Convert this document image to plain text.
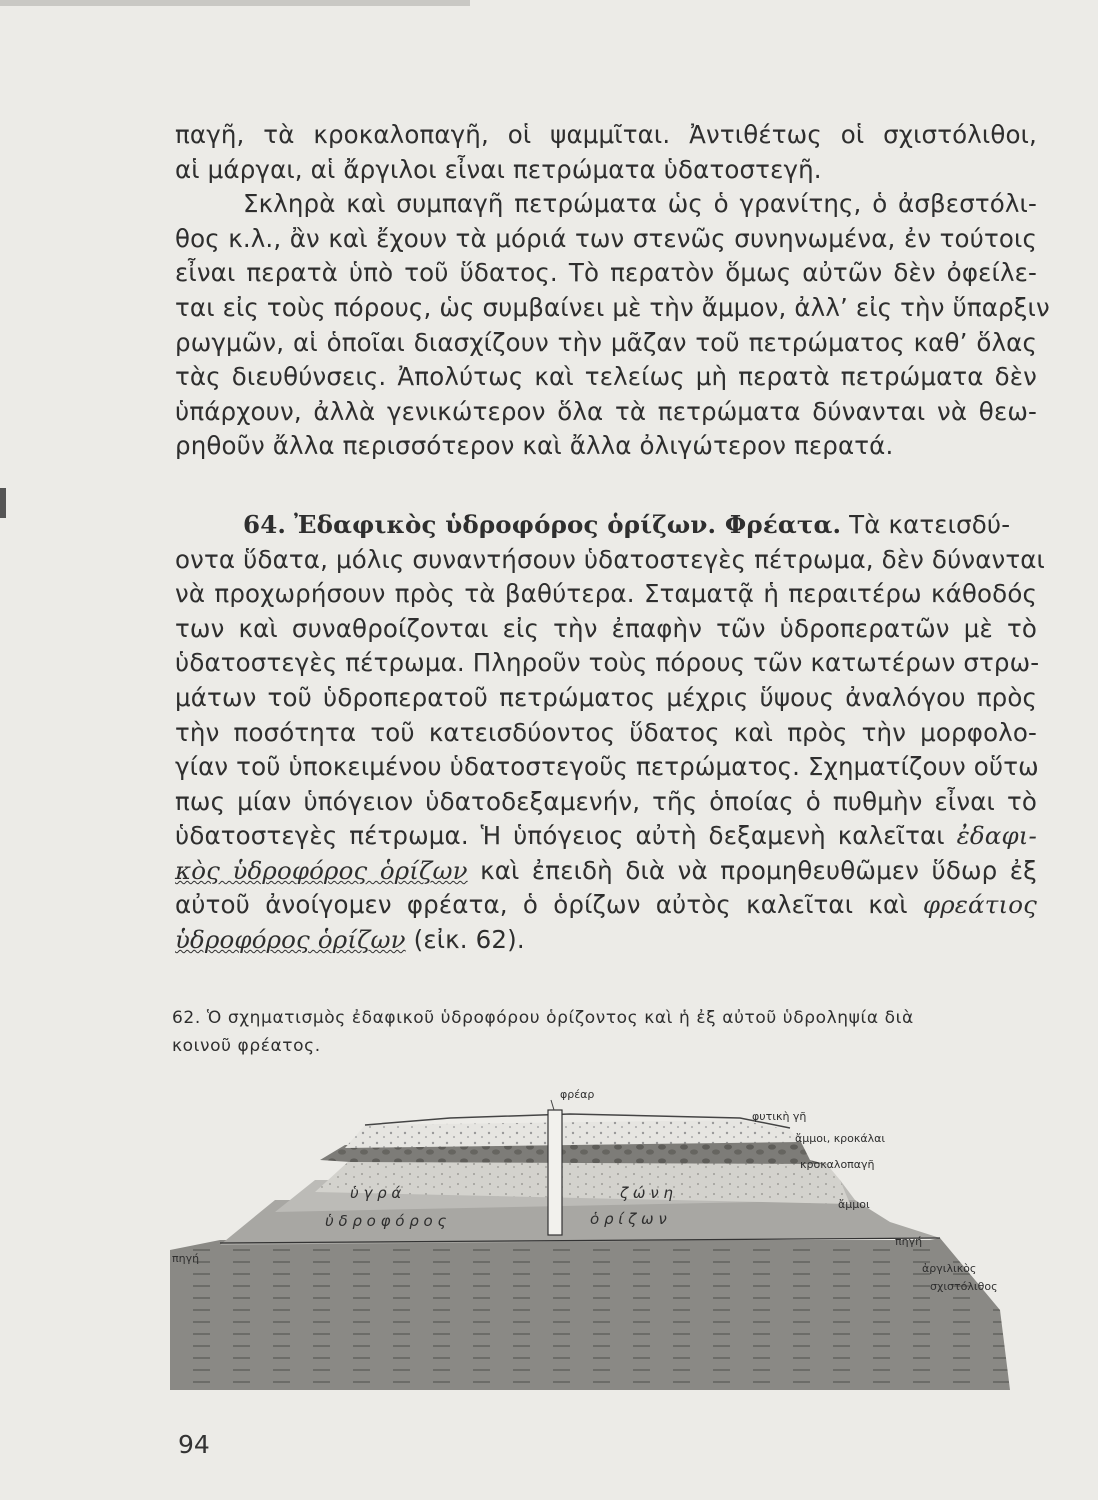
παγῆ, τὰ κροκαλοπαγῆ, οἱ ψαμμῖται. Ἀντιθέτως οἱ σχιστόλιθοι,
αἱ μάργαι, αἱ ἄργιλοι εἶναι πετρώματα ὑδατοστεγῆ.
Σκληρὰ καὶ συμπαγῆ πετρώματα ὡς ὁ γρανίτης, ὁ ἀσβεστόλι-
θος κ.λ., ἂν καὶ ἔχουν τὰ μόριά των στενῶς συνηνωμένα, ἐν τούτοις
εἶναι περατὰ ὑπὸ τοῦ ὕδατος. Τὸ περατὸν ὅμως αὐτῶν δὲν ὀφείλε-
ται εἰς τοὺς πόρους, ὡς συμβαίνει μὲ τὴν ἄμμον, ἀλλ’ εἰς τὴν ὕπαρξιν
ρωγμῶν, αἱ ὁποῖαι διασχίζουν τὴν μᾶζαν τοῦ πετρώματος καθ’ ὅλας
τὰς διευθύνσεις. Ἀπολύτως καὶ τελείως μὴ περατὰ πετρώματα δὲν
ὑπάρχουν, ἀλλὰ γενικώτερον ὅλα τὰ πετρώματα δύνανται νὰ θεω-
ρηθοῦν ἄλλα περισσότερον καὶ ἄλλα ὀλιγώτερον περατά.
64. Ἐδαφικὸς ὑδροφόρος ὁρίζων. Φρέατα. Τὰ κατεισδύ-
οντα ὕδατα, μόλις συναντήσουν ὑδατοστεγὲς πέτρωμα, δὲν δύνανται
νὰ προχωρήσουν πρὸς τὰ βαθύτερα. Σταματᾷ ἡ περαιτέρω κάθοδός
των καὶ συναθροίζονται εἰς τὴν ἐπαφὴν τῶν ὑδροπερατῶν μὲ τὸ
ὑδατοστεγὲς πέτρωμα. Πληροῦν τοὺς πόρους τῶν κατωτέρων στρω-
μάτων τοῦ ὑδροπερατοῦ πετρώματος μέχρις ὕψους ἀναλόγου πρὸς
τὴν ποσότητα τοῦ κατεισδύοντος ὕδατος καὶ πρὸς τὴν μορφολο-
γίαν τοῦ ὑποκειμένου ὑδατοστεγοῦς πετρώματος. Σχηματίζουν οὕτω
πως μίαν ὑπόγειον ὑδατοδεξαμενήν, τῆς ὁποίας ὁ πυθμὴν εἶναι τὸ
ὑδατοστεγὲς πέτρωμα. Ἡ ὑπόγειος αὐτὴ δεξαμενὴ καλεῖται ἐδαφι-
κὸς ὑδροφόρος ὁρίζων καὶ ἐπειδὴ διὰ νὰ προμηθευθῶμεν ὕδωρ ἐξ
αὐτοῦ ἀνοίγομεν φρέατα, ὁ ὁρίζων αὐτὸς καλεῖται καὶ φρεάτιος
ὑδροφόρος ὁρίζων (εἰκ. 62).
62. Ὁ σχηματισμὸς ἐδαφικοῦ ὑδροφόρου ὁρίζοντος καὶ ἡ ἐξ αὐτοῦ ὑδροληψία διὰ
κοινοῦ φρέατος.
φρέαρ
φυτικὴ γῆ
ἄμμοι, κροκάλαι
κροκαλοπαγῆ
ἄμμοι
πηγή
πηγή
ἀργιλικὸς
σχιστόλιθος
ὑ γ ρ ά	ζ ώ ν η
ὑ δ ρ ο φ ό ρ ο ς	ὁ ρ ί ζ ω ν
94
